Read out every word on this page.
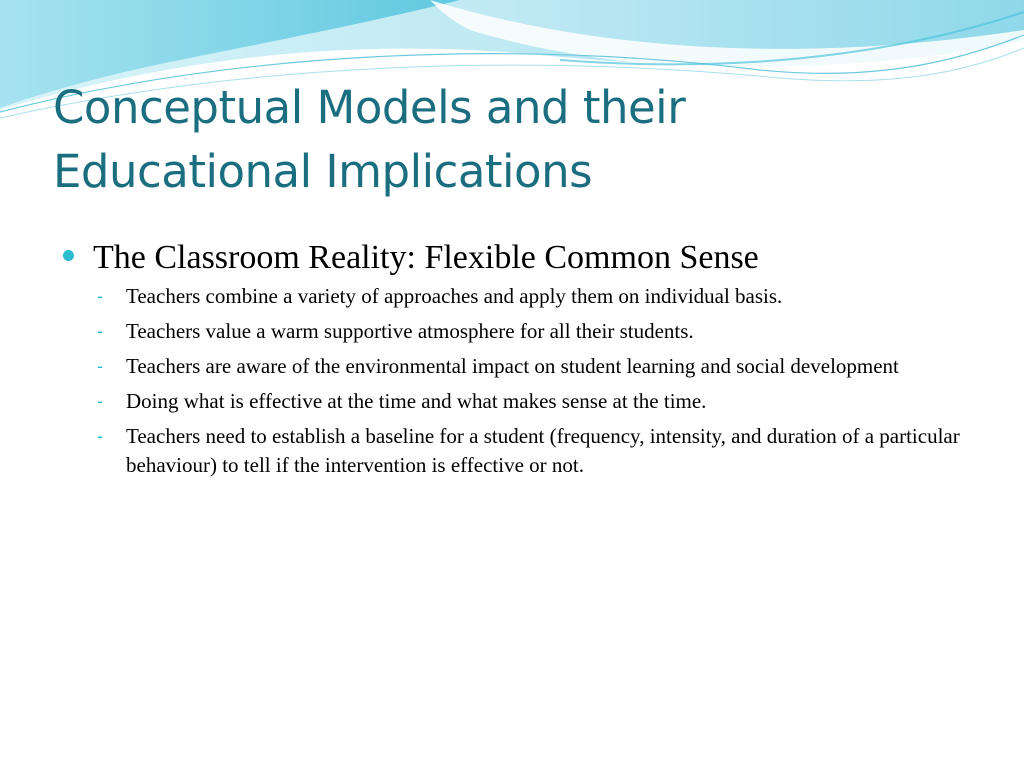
Conceptual Models and their
Educational Implications
The Classroom Reality: Flexible Common Sense
- Teachers combine a variety of approaches and apply them on individual basis.
- Teachers value a warm supportive atmosphere for all their students.
- Teachers are aware of the environmental impact on student learning and social development
- Doing what is effective at the time and what makes sense at the time.
- Teachers need to establish a baseline for a student (frequency, intensity, and duration of a particular behaviour) to tell if the intervention is effective or not.
